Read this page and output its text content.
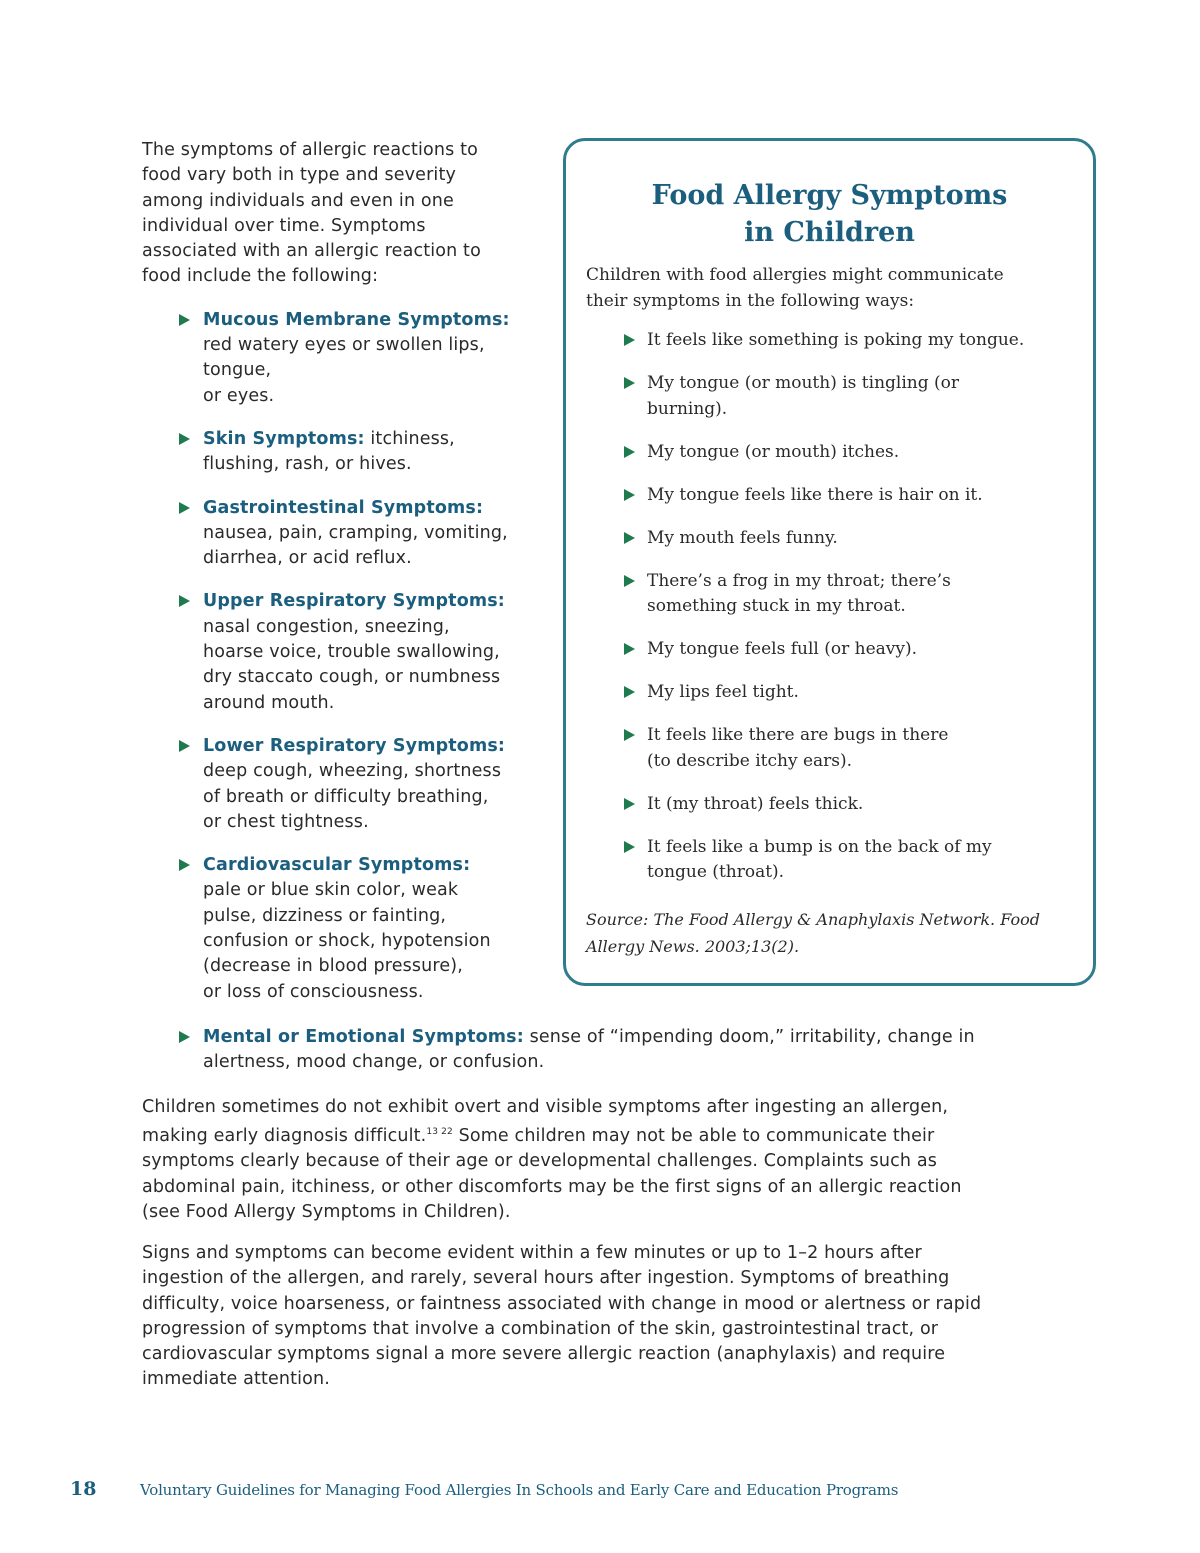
The symptoms of allergic reactions to
food vary both in type and severity
among individuals and even in one
individual over time. Symptoms
associated with an allergic reaction to
food include the following:

Mucous Membrane Symptoms:
red watery eyes or swollen lips,
tongue,
or eyes.
Skin Symptoms: itchiness,
flushing, rash, or hives.
Gastrointestinal Symptoms:
nausea, pain, cramping, vomiting,
diarrhea, or acid reflux.
Upper Respiratory Symptoms:
nasal congestion, sneezing,
hoarse voice, trouble swallowing,
dry staccato cough, or numbness
around mouth.
Lower Respiratory Symptoms:
deep cough, wheezing, shortness
of breath or difficulty breathing,
or chest tightness.
Cardiovascular Symptoms:
pale or blue skin color, weak
pulse, dizziness or fainting,
confusion or shock, hypotension
(decrease in blood pressure),
or loss of consciousness.
Food Allergy Symptoms
in Children
Children with food allergies might communicate
their symptoms in the following ways:
It feels like something is poking my tongue.
My tongue (or mouth) is tingling (or
burning).
My tongue (or mouth) itches.
My tongue feels like there is hair on it.
My mouth feels funny.
There’s a frog in my throat; there’s
something stuck in my throat.
My tongue feels full (or heavy).
My lips feel tight.
It feels like there are bugs in there
(to describe itchy ears).
It (my throat) feels thick.
It feels like a bump is on the back of my
tongue (throat).
Source: The Food Allergy & Anaphylaxis Network. Food
Allergy News. 2003;13(2).
Mental or Emotional Symptoms: sense of “impending doom,” irritability, change in
alertness, mood change, or confusion.

Children sometimes do not exhibit overt and visible symptoms after ingesting an allergen,
making early diagnosis difficult.$^{13 22}$ Some children may not be able to communicate their
symptoms clearly because of their age or developmental challenges. Complaints such as
abdominal pain, itchiness, or other discomforts may be the first signs of an allergic reaction
(see Food Allergy Symptoms in Children).

Signs and symptoms can become evident within a few minutes or up to 1–2 hours after
ingestion of the allergen, and rarely, several hours after ingestion. Symptoms of breathing
difficulty, voice hoarseness, or faintness associated with change in mood or alertness or rapid
progression of symptoms that involve a combination of the skin, gastrointestinal tract, or
cardiovascular symptoms signal a more severe allergic reaction (anaphylaxis) and require
immediate attention.

18	Voluntary Guidelines for Managing Food Allergies In Schools and Early Care and Education Programs
